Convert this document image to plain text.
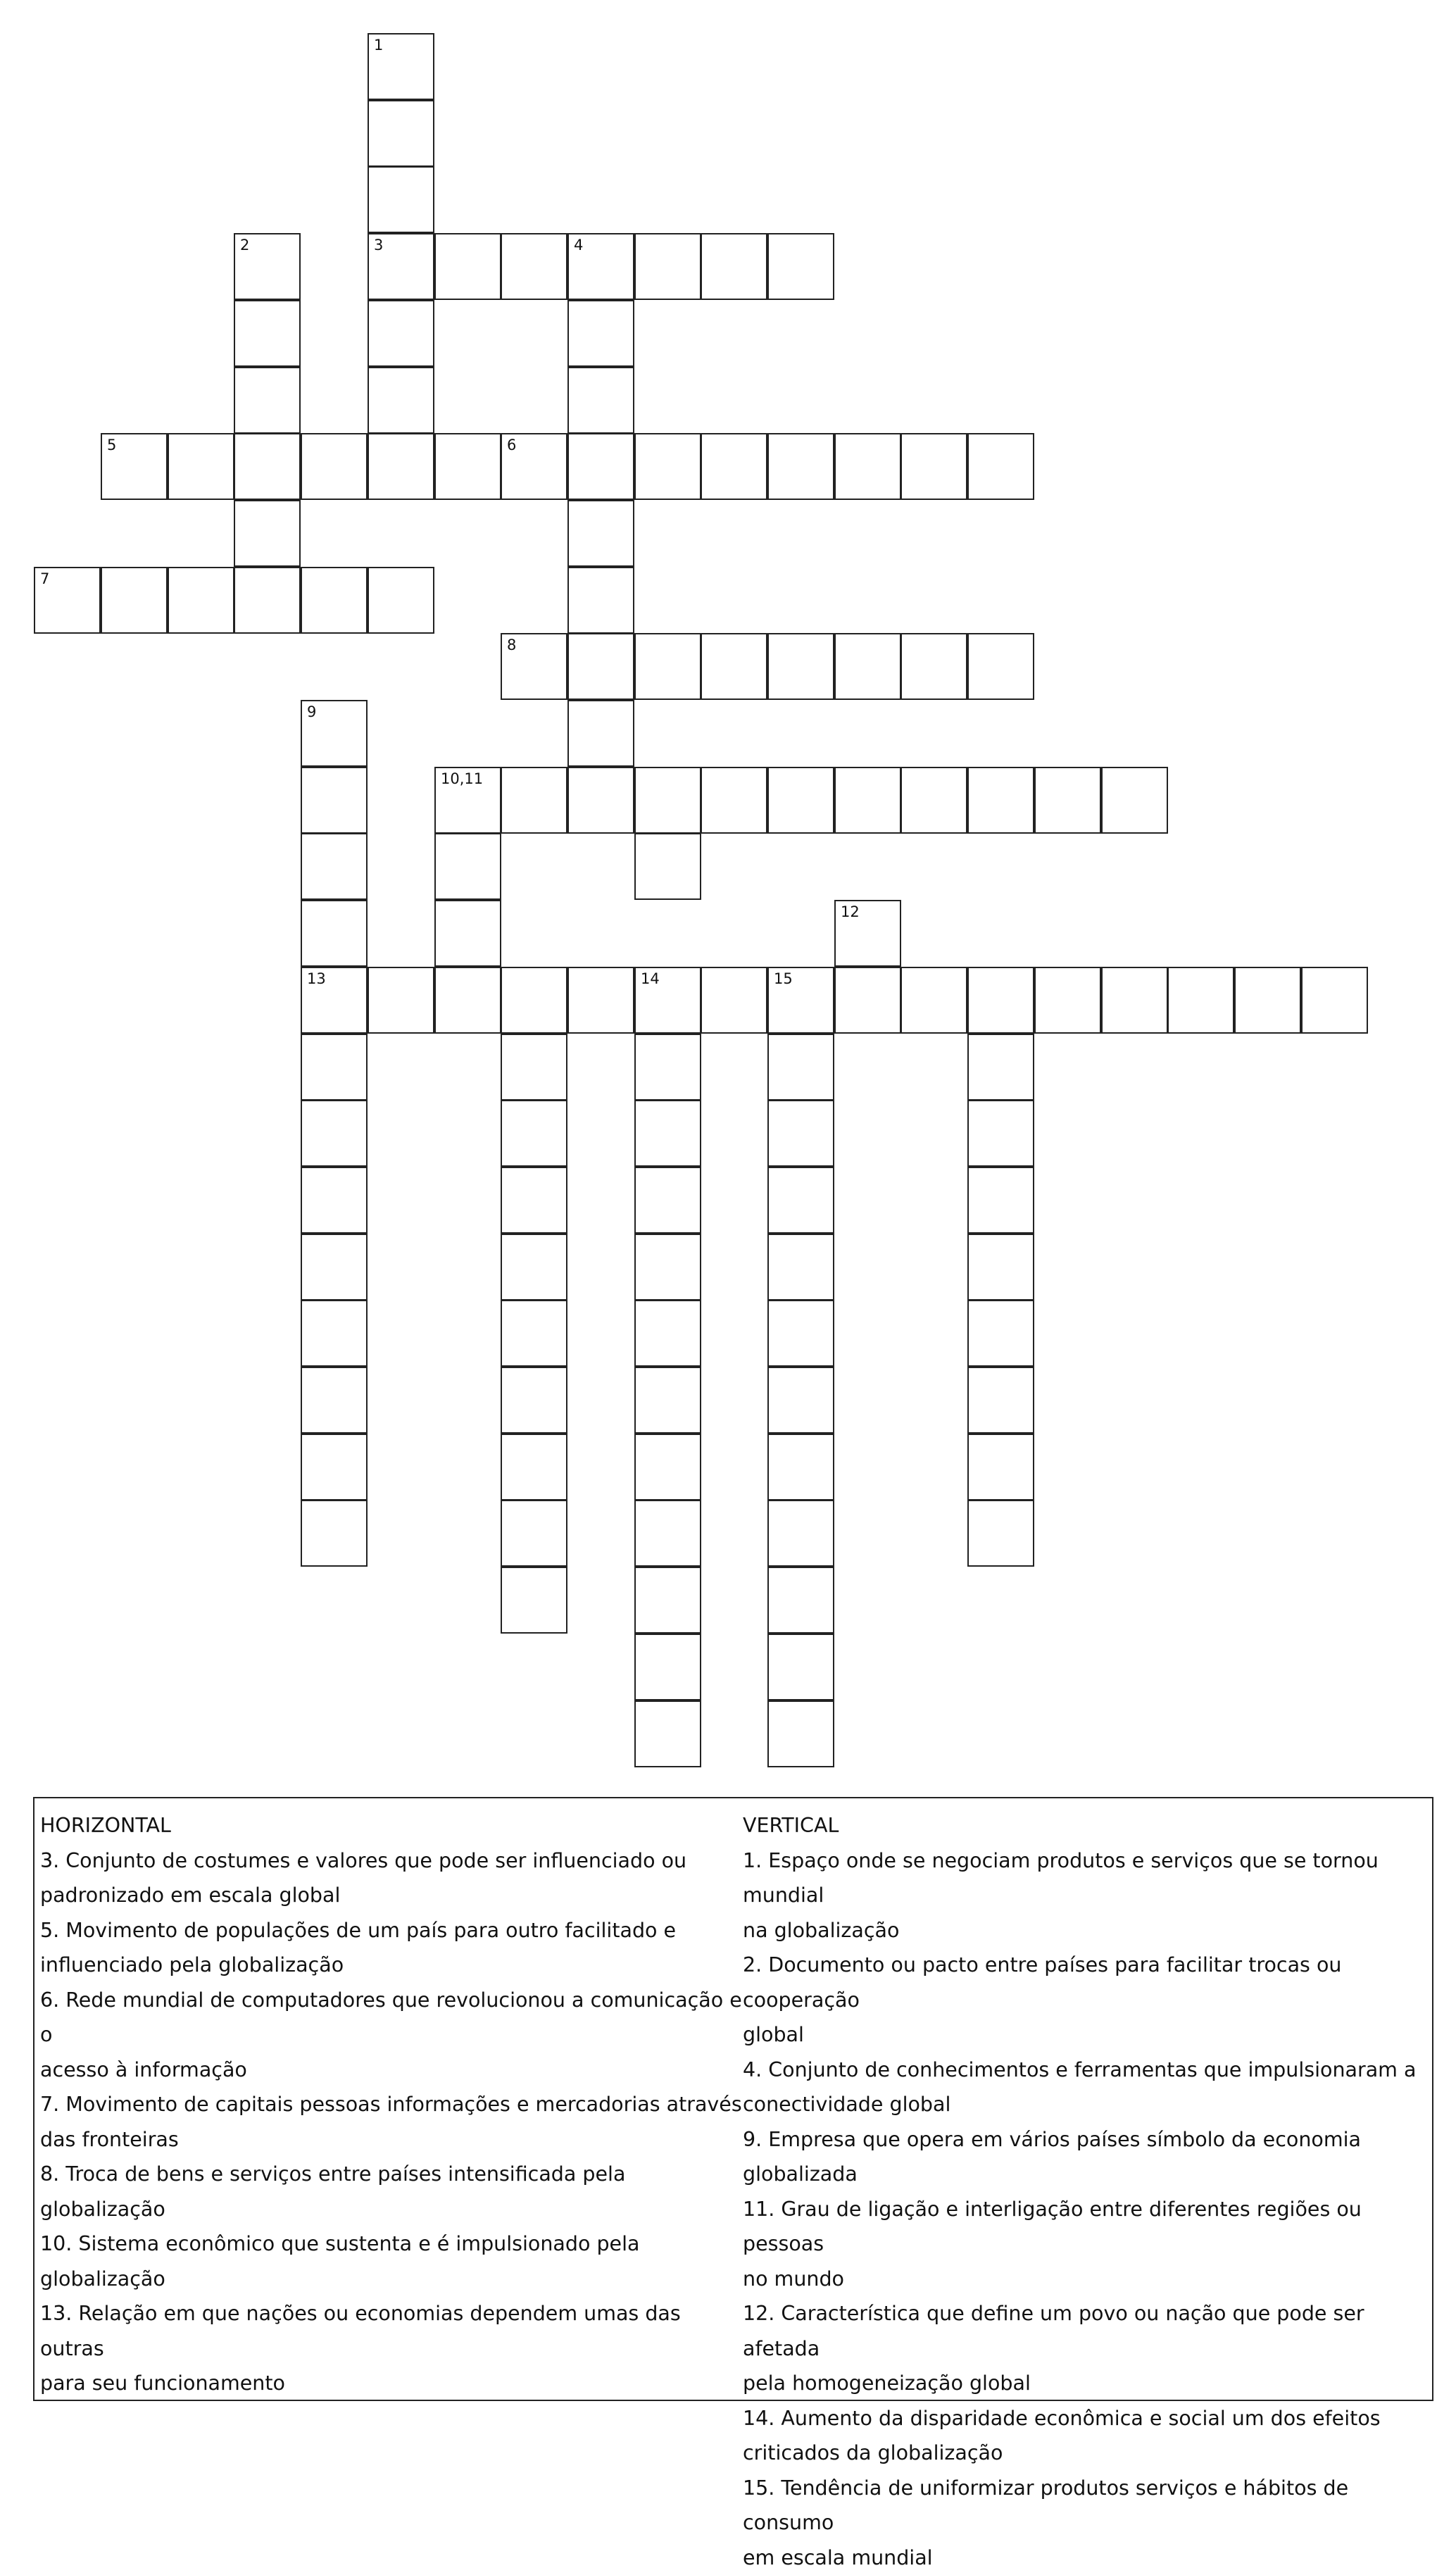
1
3	4
2
5	6
7
8
9
10,11
12
13	14	15
HORIZONTAL
3. Conjunto de costumes e valores que pode ser influenciado ou
padronizado em escala global
5. Movimento de populações de um país para outro facilitado e
influenciado pela globalização
6. Rede mundial de computadores que revolucionou a comunicação e o
acesso à informação
7. Movimento de capitais pessoas informações e mercadorias através
das fronteiras
8. Troca de bens e serviços entre países intensificada pela globalização
10. Sistema econômico que sustenta e é impulsionado pela globalização
13. Relação em que nações ou economias dependem umas das outras
para seu funcionamento
VERTICAL
1. Espaço onde se negociam produtos e serviços que se tornou mundial
na globalização
2. Documento ou pacto entre países para facilitar trocas ou cooperação
global
4. Conjunto de conhecimentos e ferramentas que impulsionaram a
conectividade global
9. Empresa que opera em vários países símbolo da economia globalizada
11. Grau de ligação e interligação entre diferentes regiões ou pessoas
no mundo
12. Característica que define um povo ou nação que pode ser afetada
pela homogeneização global
14. Aumento da disparidade econômica e social um dos efeitos
criticados da globalização
15. Tendência de uniformizar produtos serviços e hábitos de consumo
em escala mundial
